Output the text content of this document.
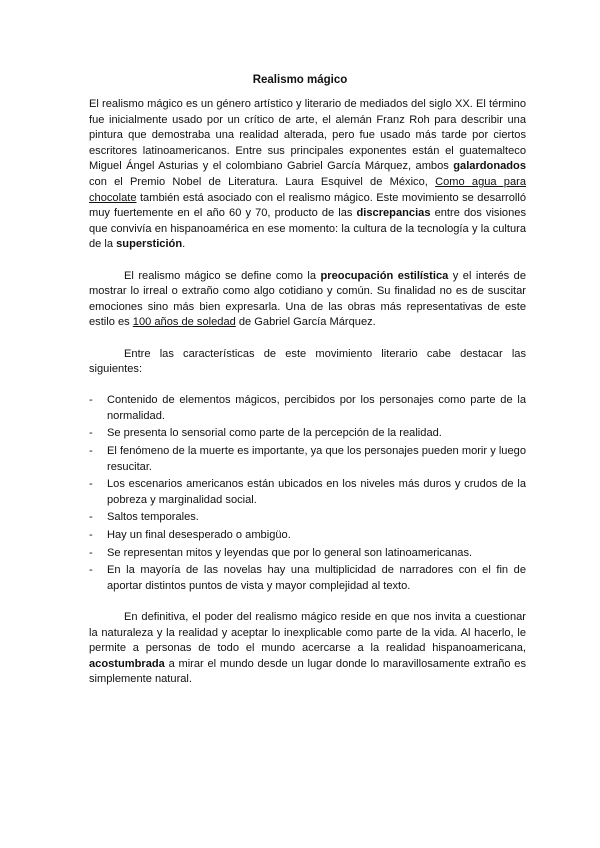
Realismo mágico

El realismo mágico es un género artístico y literario de mediados del siglo XX. El término fue inicialmente usado por un crítico de arte, el alemán Franz Roh para describir una pintura que demostraba una realidad alterada, pero fue usado más tarde por ciertos escritores latinoamericanos. Entre sus principales exponentes están el guatemalteco Miguel Ángel Asturias y el colombiano Gabriel García Márquez, ambos galardonados con el Premio Nobel de Literatura. Laura Esquivel de México, Como agua para chocolate también está asociado con el realismo mágico. Este movimiento se desarrolló muy fuertemente en el año 60 y 70, producto de las discrepancias entre dos visiones que convivía en hispanoamérica en ese momento: la cultura de la tecnología y la cultura de la superstición.

El realismo mágico se define como la preocupación estilística y el interés de mostrar lo irreal o extraño como algo cotidiano y común. Su finalidad no es de suscitar emociones sino más bien expresarla. Una de las obras más representativas de este estilo es 100 años de soledad de Gabriel García Márquez.

Entre las características de este movimiento literario cabe destacar las siguientes:

- Contenido de elementos mágicos, percibidos por los personajes como parte de la normalidad.
- Se presenta lo sensorial como parte de la percepción de la realidad.
- El fenómeno de la muerte es importante, ya que los personajes pueden morir y luego resucitar.
- Los escenarios americanos están ubicados en los niveles más duros y crudos de la pobreza y marginalidad social.
- Saltos temporales.
- Hay un final desesperado o ambigüo.
- Se representan mitos y leyendas que por lo general son latinoamericanas.
- En la mayoría de las novelas hay una multiplicidad de narradores con el fin de aportar distintos puntos de vista y mayor complejidad al texto.

En definitiva, el poder del realismo mágico reside en que nos invita a cuestionar la naturaleza y la realidad y aceptar lo inexplicable como parte de la vida. Al hacerlo, le permite a personas de todo el mundo acercarse a la realidad hispanoamericana, acostumbrada a mirar el mundo desde un lugar donde lo maravillosamente extraño es simplemente natural.
